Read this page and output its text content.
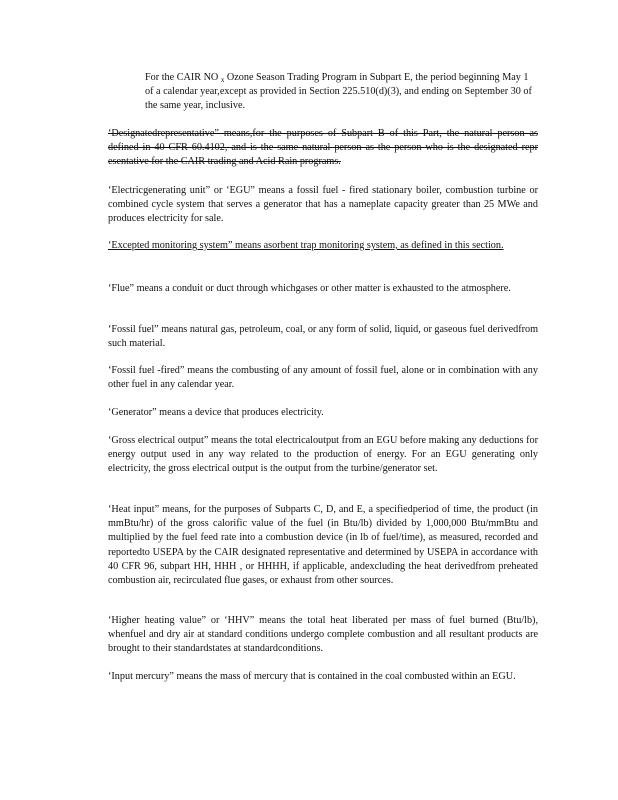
For the CAIR NO x Ozone Season Trading Program in Subpart E, the period beginning May 1 of a calendar year,except as provided in Section 225.510(d)(3), and ending on September 30 of the same year, inclusive.

‘Designatedrepresentative” means,for the purposes of Subpart B of this Part, the natural person as defined in 40 CFR 60.4102, and is the same natural person as the person who is the designated repr esentative for the CAIR trading and Acid Rain programs.

‘Electricgenerating unit” or ‘EGU” means a fossil fuel - fired stationary boiler, combustion turbine or combined cycle system that serves a generator that has a nameplate capacity greater than 25 MWe and produces electricity for sale.

‘Excepted monitoring system” means asorbent trap monitoring system, as defined in this section.

‘Flue” means a conduit or duct through whichgases or other matter is exhausted to the atmosphere.

‘Fossil fuel” means natural gas, petroleum, coal, or any form of solid, liquid, or gaseous fuel derivedfrom such material.

‘Fossil fuel -fired” means the combusting of any amount of fossil fuel, alone or in combination with any other fuel in any calendar year.

‘Generator” means a device that produces electricity.

‘Gross electrical output” means the total electricaloutput from an EGU before making any deductions for energy output used in any way related to the production of energy. For an EGU generating only electricity, the gross electrical output is the output from the turbine/generator set.

‘Heat input” means, for the purposes of Subparts C, D, and E, a specifiedperiod of time, the product (in mmBtu/hr) of the gross calorific value of the fuel (in Btu/lb) divided by 1,000,000 Btu/mmBtu and multiplied by the fuel feed rate into a combustion device (in lb of fuel/time), as measured, recorded and reportedto USEPA by the CAIR designated representative and determined by USEPA in accordance with 40 CFR 96, subpart HH, HHH , or HHHH, if applicable, andexcluding the heat derivedfrom preheated combustion air, recirculated flue gases, or exhaust from other sources.

‘Higher heating value” or ‘HHV” means the total heat liberated per mass of fuel burned (Btu/lb), whenfuel and dry air at standard conditions undergo complete combustion and all resultant products are brought to their standardstates at standardconditions.

‘Input mercury” means the mass of mercury that is contained in the coal combusted within an EGU.
